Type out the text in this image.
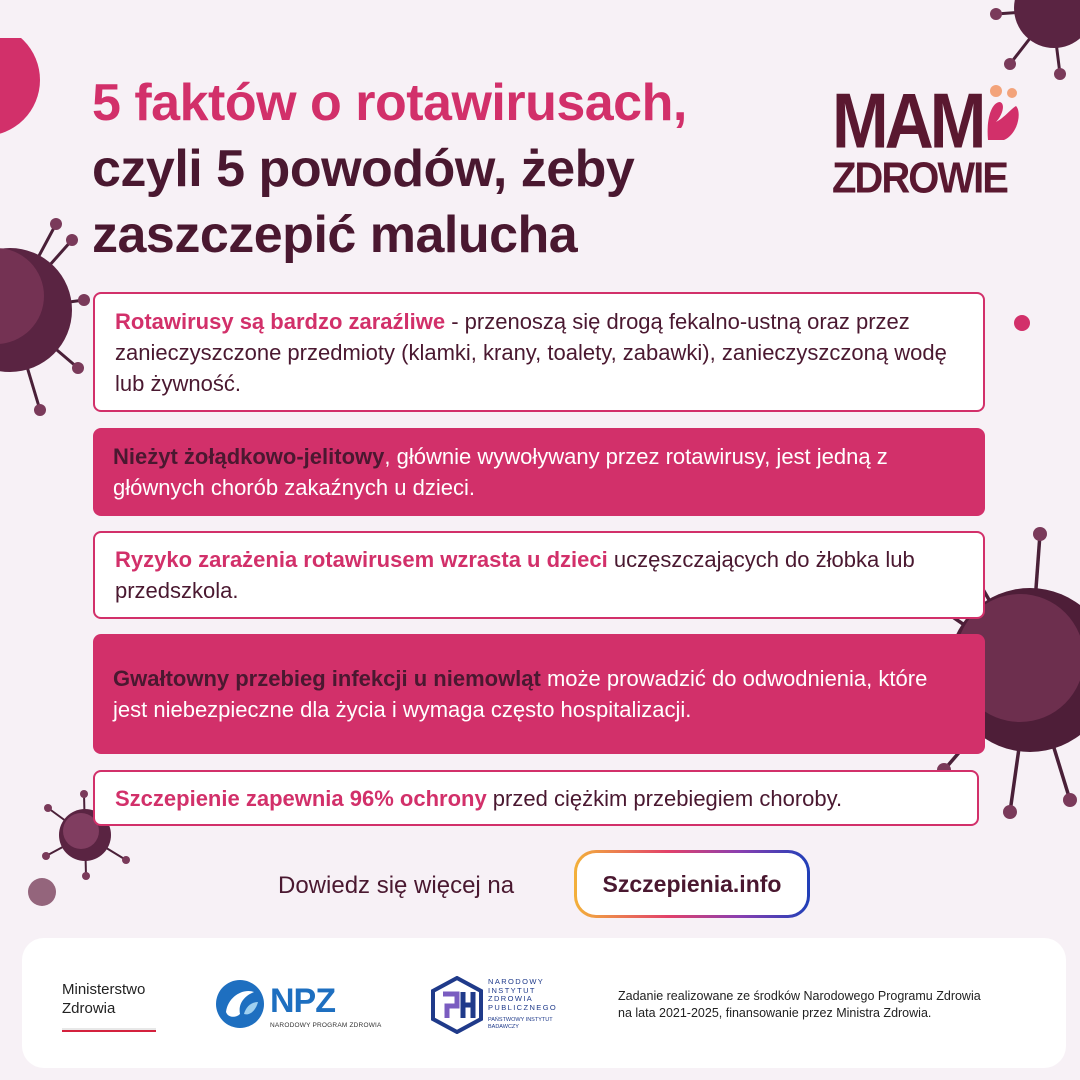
5 faktów o rotawirusach,
czyli 5 powodów, żeby
zaszczepić malucha
MAM
ZDROWIE
Rotawirusy są bardzo zaraźliwe - przenoszą się drogą fekalno-ustną oraz przez zanieczyszczone przedmioty (klamki, krany, toalety, zabawki), zanieczyszczoną wodę lub żywność.
Nieżyt żołądkowo-jelitowy, głównie wywoływany przez rotawirusy, jest jedną z głównych chorób zakaźnych u dzieci.
Ryzyko zarażenia rotawirusem wzrasta u dzieci uczęszczających do żłobka lub przedszkola.
Gwałtowny przebieg infekcji u niemowląt może prowadzić do odwodnienia, które jest niebezpieczne dla życia i wymaga często hospitalizacji.
Szczepienie zapewnia 96% ochrony przed ciężkim przebiegiem choroby.
Dowiedz się więcej na	Szczepienia.info
Ministerstwo
Zdrowia	NPZ
NARODOWY PROGRAM ZDROWIA
NARODOWY
INSTYTUT
ZDROWIA
PUBLICZNEGO
PAŃSTWOWY INSTYTUT
BADAWCZY
Zadanie realizowane ze środków Narodowego Programu Zdrowia
na lata 2021-2025, finansowanie przez Ministra Zdrowia.
